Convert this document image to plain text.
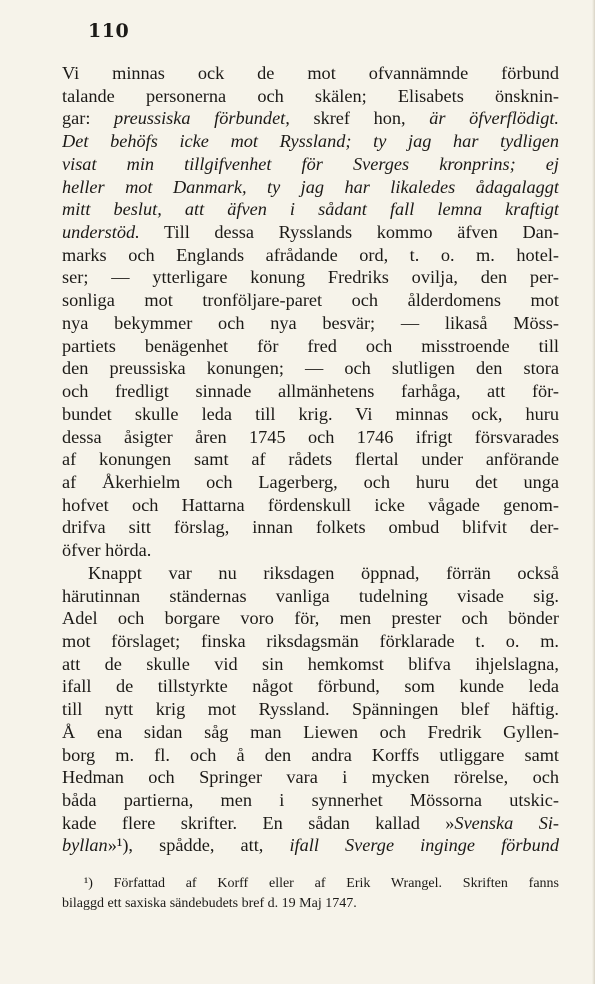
110
Vi minnas ock de mot ofvannämnde förbund
talande personerna och skälen; Elisabets önsknin-
gar: preussiska förbundet, skref hon, är öfverflödigt.
Det behöfs icke mot Ryssland; ty jag har tydligen
visat min tillgifvenhet för Sverges kronprins; ej
heller mot Danmark, ty jag har likaledes ådagalaggt
mitt beslut, att äfven i sådant fall lemna kraftigt
understöd. Till dessa Rysslands kommo äfven Dan-
marks och Englands afrådande ord, t. o. m. hotel-
ser; — ytterligare konung Fredriks ovilja, den per-
sonliga mot tronföljare-paret och ålderdomens mot
nya bekymmer och nya besvär; — likaså Möss-
partiets benägenhet för fred och misstroende till
den preussiska konungen; — och slutligen den stora
och fredligt sinnade allmänhetens farhåga, att för-
bundet skulle leda till krig. Vi minnas ock, huru
dessa åsigter åren 1745 och 1746 ifrigt försvarades
af konungen samt af rådets flertal under anförande
af Åkerhielm och Lagerberg, och huru det unga
hofvet och Hattarna fördenskull icke vågade genom-
drifva sitt förslag, innan folkets ombud blifvit der-
öfver hörda.
Knappt var nu riksdagen öppnad, förrän också
härutinnan ständernas vanliga tudelning visade sig.
Adel och borgare voro för, men prester och bönder
mot förslaget; finska riksdagsmän förklarade t. o. m.
att de skulle vid sin hemkomst blifva ihjelslagna,
ifall de tillstyrkte något förbund, som kunde leda
till nytt krig mot Ryssland. Spänningen blef häftig.
Å ena sidan såg man Liewen och Fredrik Gyllen-
borg m. fl. och å den andra Korffs utliggare samt
Hedman och Springer vara i mycken rörelse, och
båda partierna, men i synnerhet Mössorna utskic-
kade flere skrifter. En sådan kallad »Svenska Si-
byllan»¹), spådde, att, ifall Sverge inginge förbund
¹) Författad af Korff eller af Erik Wrangel. Skriften fanns
bilaggd ett saxiska sändebudets bref d. 19 Maj 1747.
